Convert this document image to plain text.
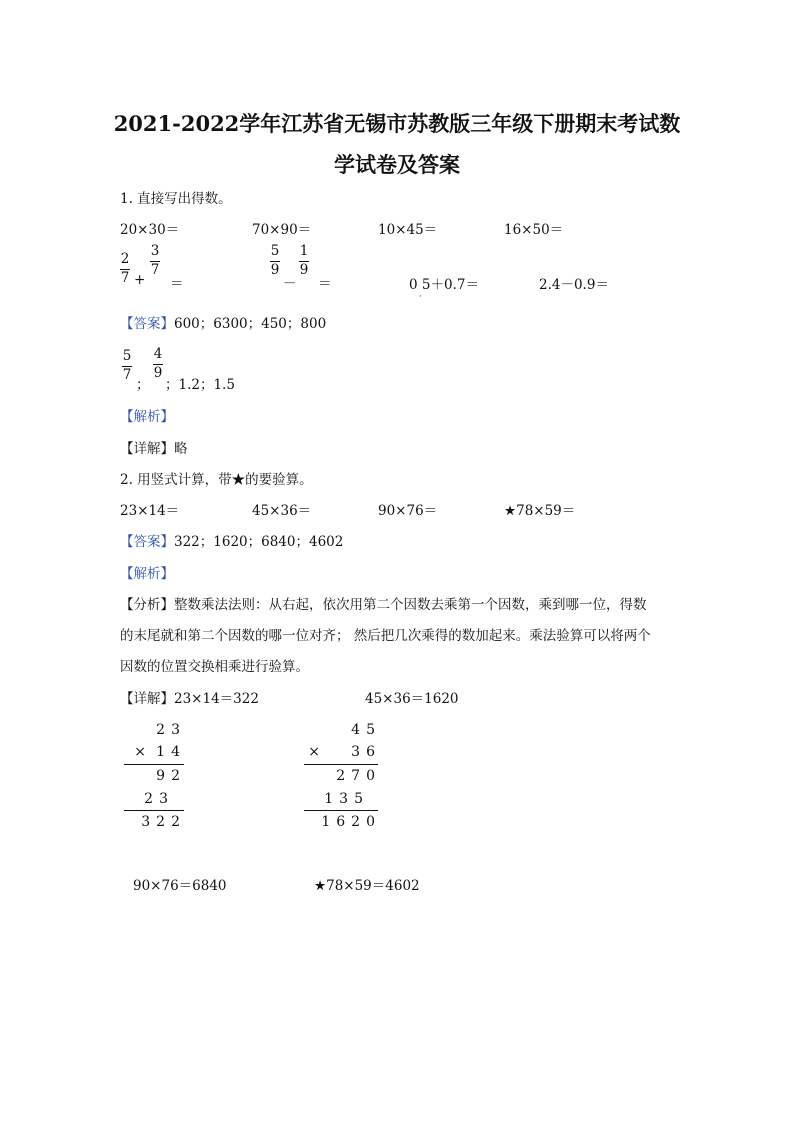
2021-2022学年江苏省无锡市苏教版三年级下册期末考试数
学试卷及答案
1. 直接写出得数。
20×30＝	70×90＝	10×45＝	16×50＝
2
7 +
3
7
＝
5
9
－
1
9
＝	0 5＋0.7＝
·
2.4－0.9＝
【答案】600；6300；450；800
5
7
；
4
9
；1.2；1.5
【解析】
【详解】略
2. 用竖式计算，带★的要验算。
23×14＝	45×36＝	90×76＝	★78×59＝
【答案】322；1620；6840；4602
【解析】
【分析】整数乘法法则：从右起，依次用第二个因数去乘第一个因数，乘到哪一位，得数
的末尾就和第二个因数的哪一位对齐； 然后把几次乘得的数加起来。乘法验算可以将两个
因数的位置交换相乘进行验算。
【详解】23×14＝322	45×36＝1620
23
× 14
92
23
322
45
×	36
270
135
1620
90×76＝6840	★78×59＝4602
